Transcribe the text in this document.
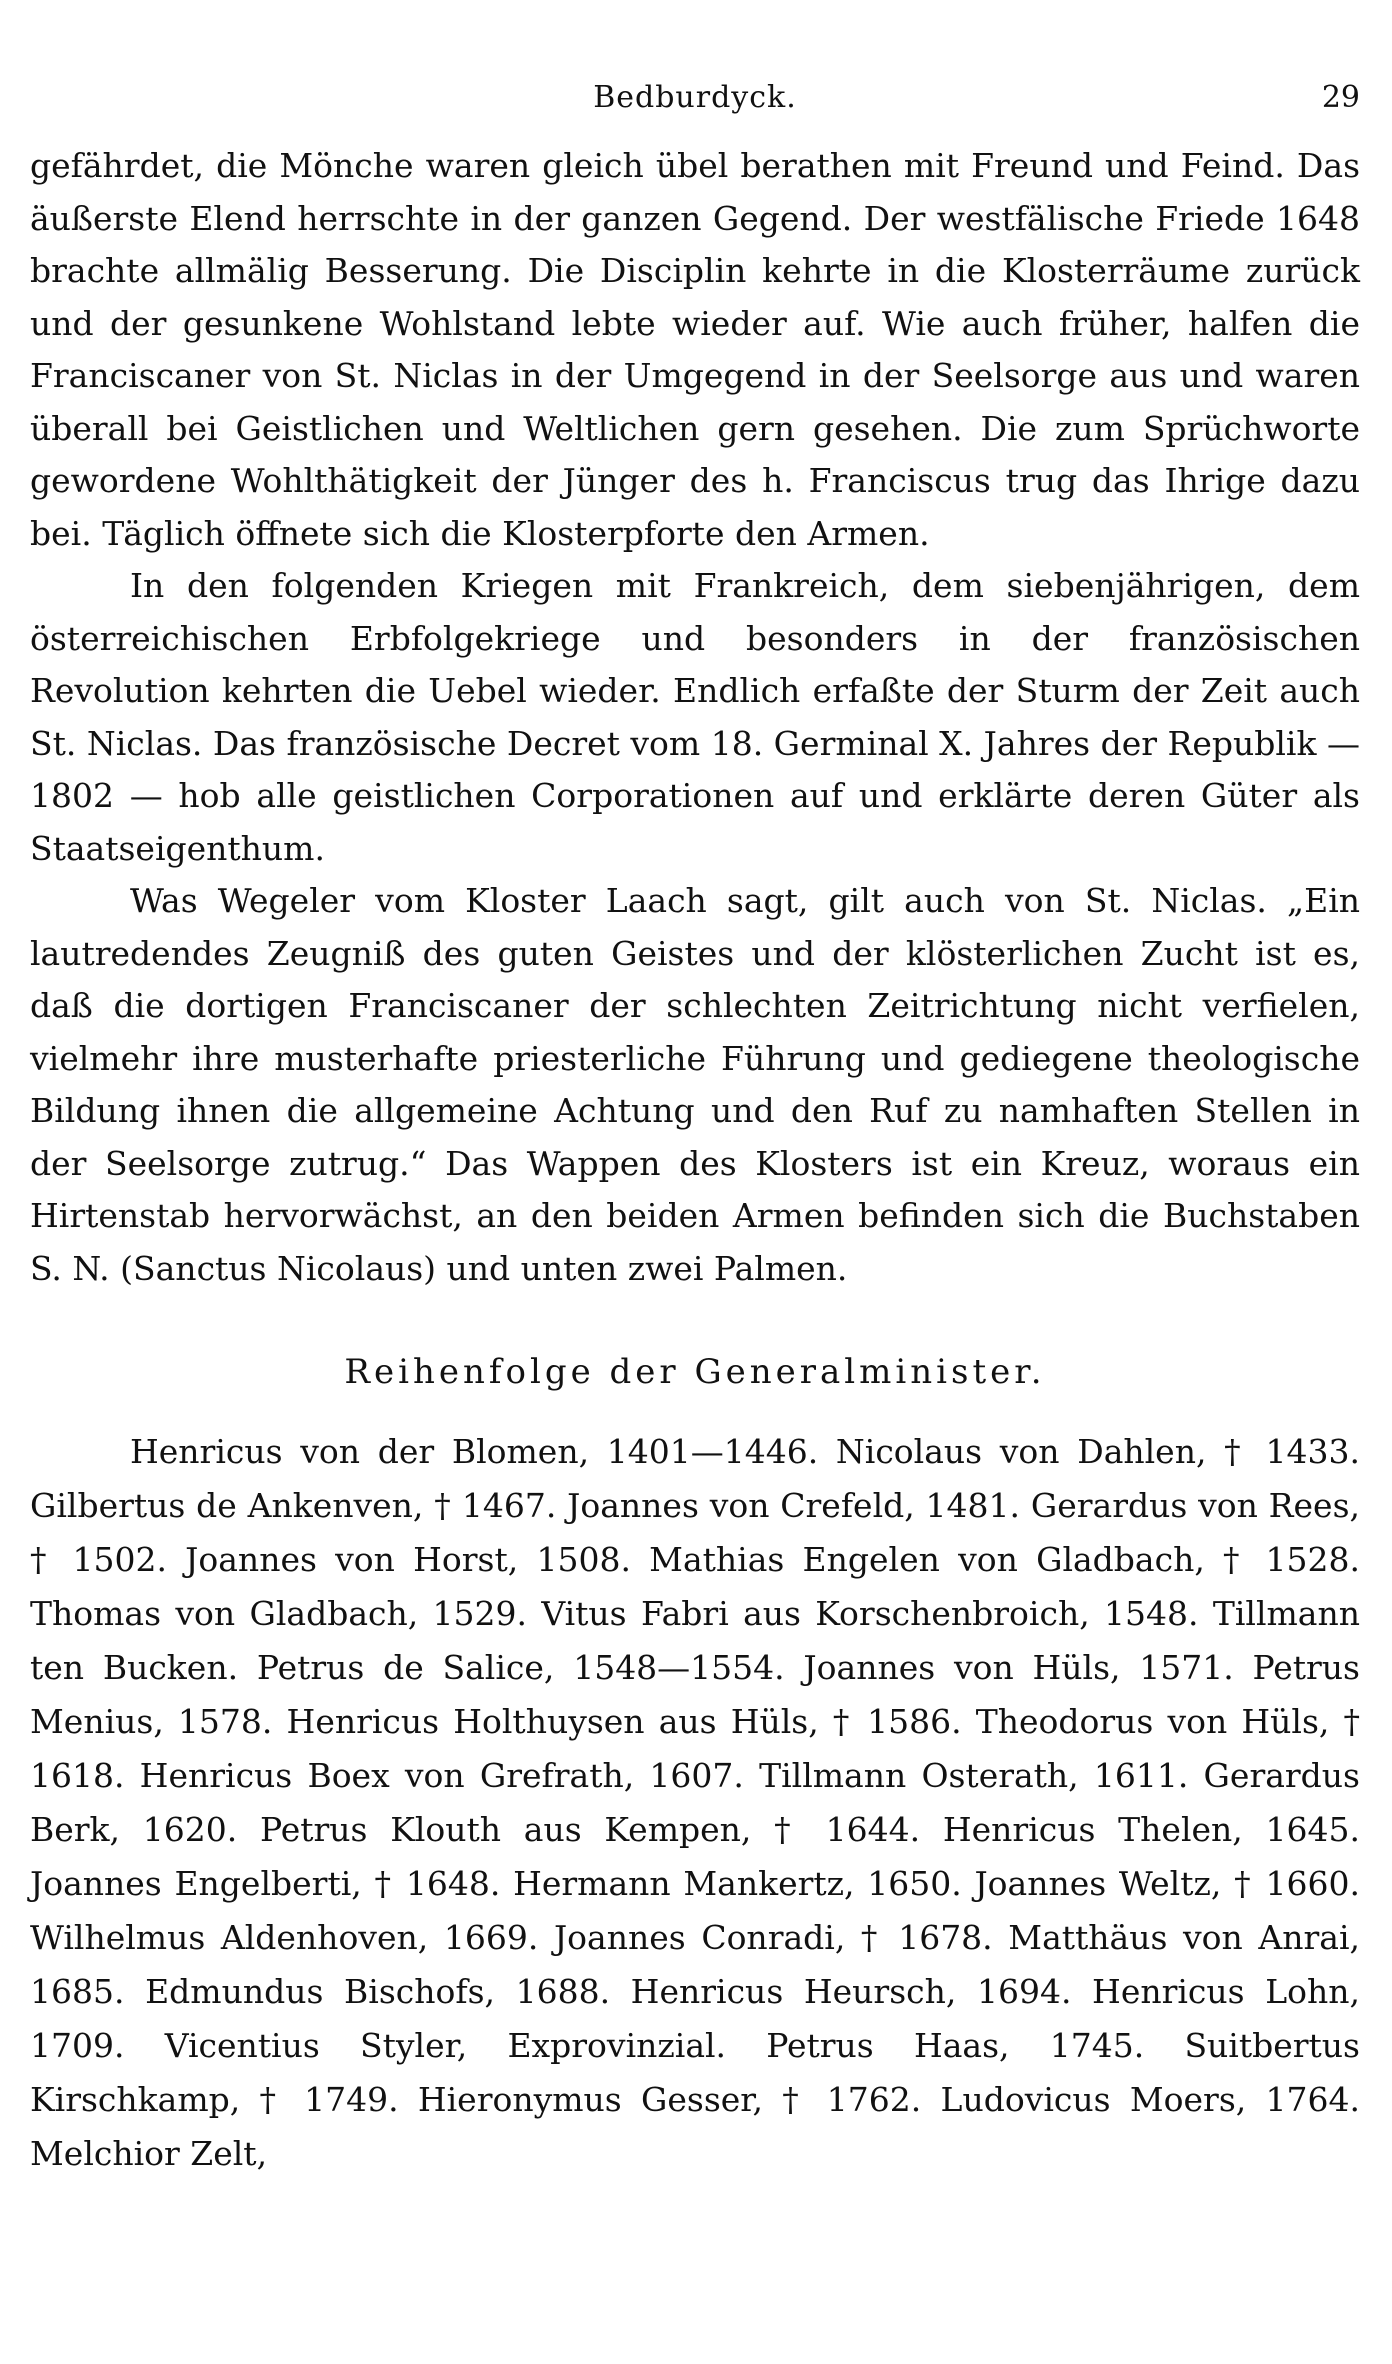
Bedburdyck.	29

gefährdet, die Mönche waren gleich übel berathen mit Freund und Feind. Das äußerste Elend herrschte in der ganzen Gegend. Der westfälische Friede 1648 brachte allmälig Besserung. Die Disciplin kehrte in die Klosterräume zurück und der gesunkene Wohlstand lebte wieder auf. Wie auch früher, halfen die Franciscaner von St. Niclas in der Umgegend in der Seelsorge aus und waren überall bei Geistlichen und Weltlichen gern gesehen. Die zum Sprüchworte gewordene Wohlthätigkeit der Jünger des h. Franciscus trug das Ihrige dazu bei. Täglich öffnete sich die Klosterpforte den Armen.

In den folgenden Kriegen mit Frankreich, dem siebenjährigen, dem österreichischen Erbfolgekriege und besonders in der französischen Revolution kehrten die Uebel wieder. Endlich erfaßte der Sturm der Zeit auch St. Niclas. Das französische Decret vom 18. Germinal X. Jahres der Republik — 1802 — hob alle geistlichen Corporationen auf und erklärte deren Güter als Staatseigenthum.

Was Wegeler vom Kloster Laach sagt, gilt auch von St. Niclas. „Ein lautredendes Zeugniß des guten Geistes und der klösterlichen Zucht ist es, daß die dortigen Franciscaner der schlechten Zeitrichtung nicht verfielen, vielmehr ihre musterhafte priesterliche Führung und gediegene theologische Bildung ihnen die allgemeine Achtung und den Ruf zu namhaften Stellen in der Seelsorge zutrug.“ Das Wappen des Klosters ist ein Kreuz, woraus ein Hirtenstab hervorwächst, an den beiden Armen befinden sich die Buchstaben S. N. (Sanctus Nicolaus) und unten zwei Palmen.

Reihenfolge der Generalminister.

Henricus von der Blomen, 1401—1446. Nicolaus von Dahlen, † 1433. Gilbertus de Ankenven, † 1467. Joannes von Crefeld, 1481. Gerardus von Rees, † 1502. Joannes von Horst, 1508. Mathias Engelen von Gladbach, † 1528. Thomas von Gladbach, 1529. Vitus Fabri aus Korschenbroich, 1548. Tillmann ten Bucken. Petrus de Salice, 1548—1554. Joannes von Hüls, 1571. Petrus Menius, 1578. Henricus Holthuysen aus Hüls, † 1586. Theodorus von Hüls, † 1618. Henricus Boex von Grefrath, 1607. Tillmann Osterath, 1611. Gerardus Berk, 1620. Petrus Klouth aus Kempen, † 1644. Henricus Thelen, 1645. Joannes Engelberti, † 1648. Hermann Mankertz, 1650. Joannes Weltz, † 1660. Wilhelmus Aldenhoven, 1669. Joannes Conradi, † 1678. Matthäus von Anrai, 1685. Edmundus Bischofs, 1688. Henricus Heursch, 1694. Henricus Lohn, 1709. Vicentius Styler, Exprovinzial. Petrus Haas, 1745. Suitbertus Kirschkamp, † 1749. Hieronymus Gesser, † 1762. Ludovicus Moers, 1764. Melchior Zelt,
